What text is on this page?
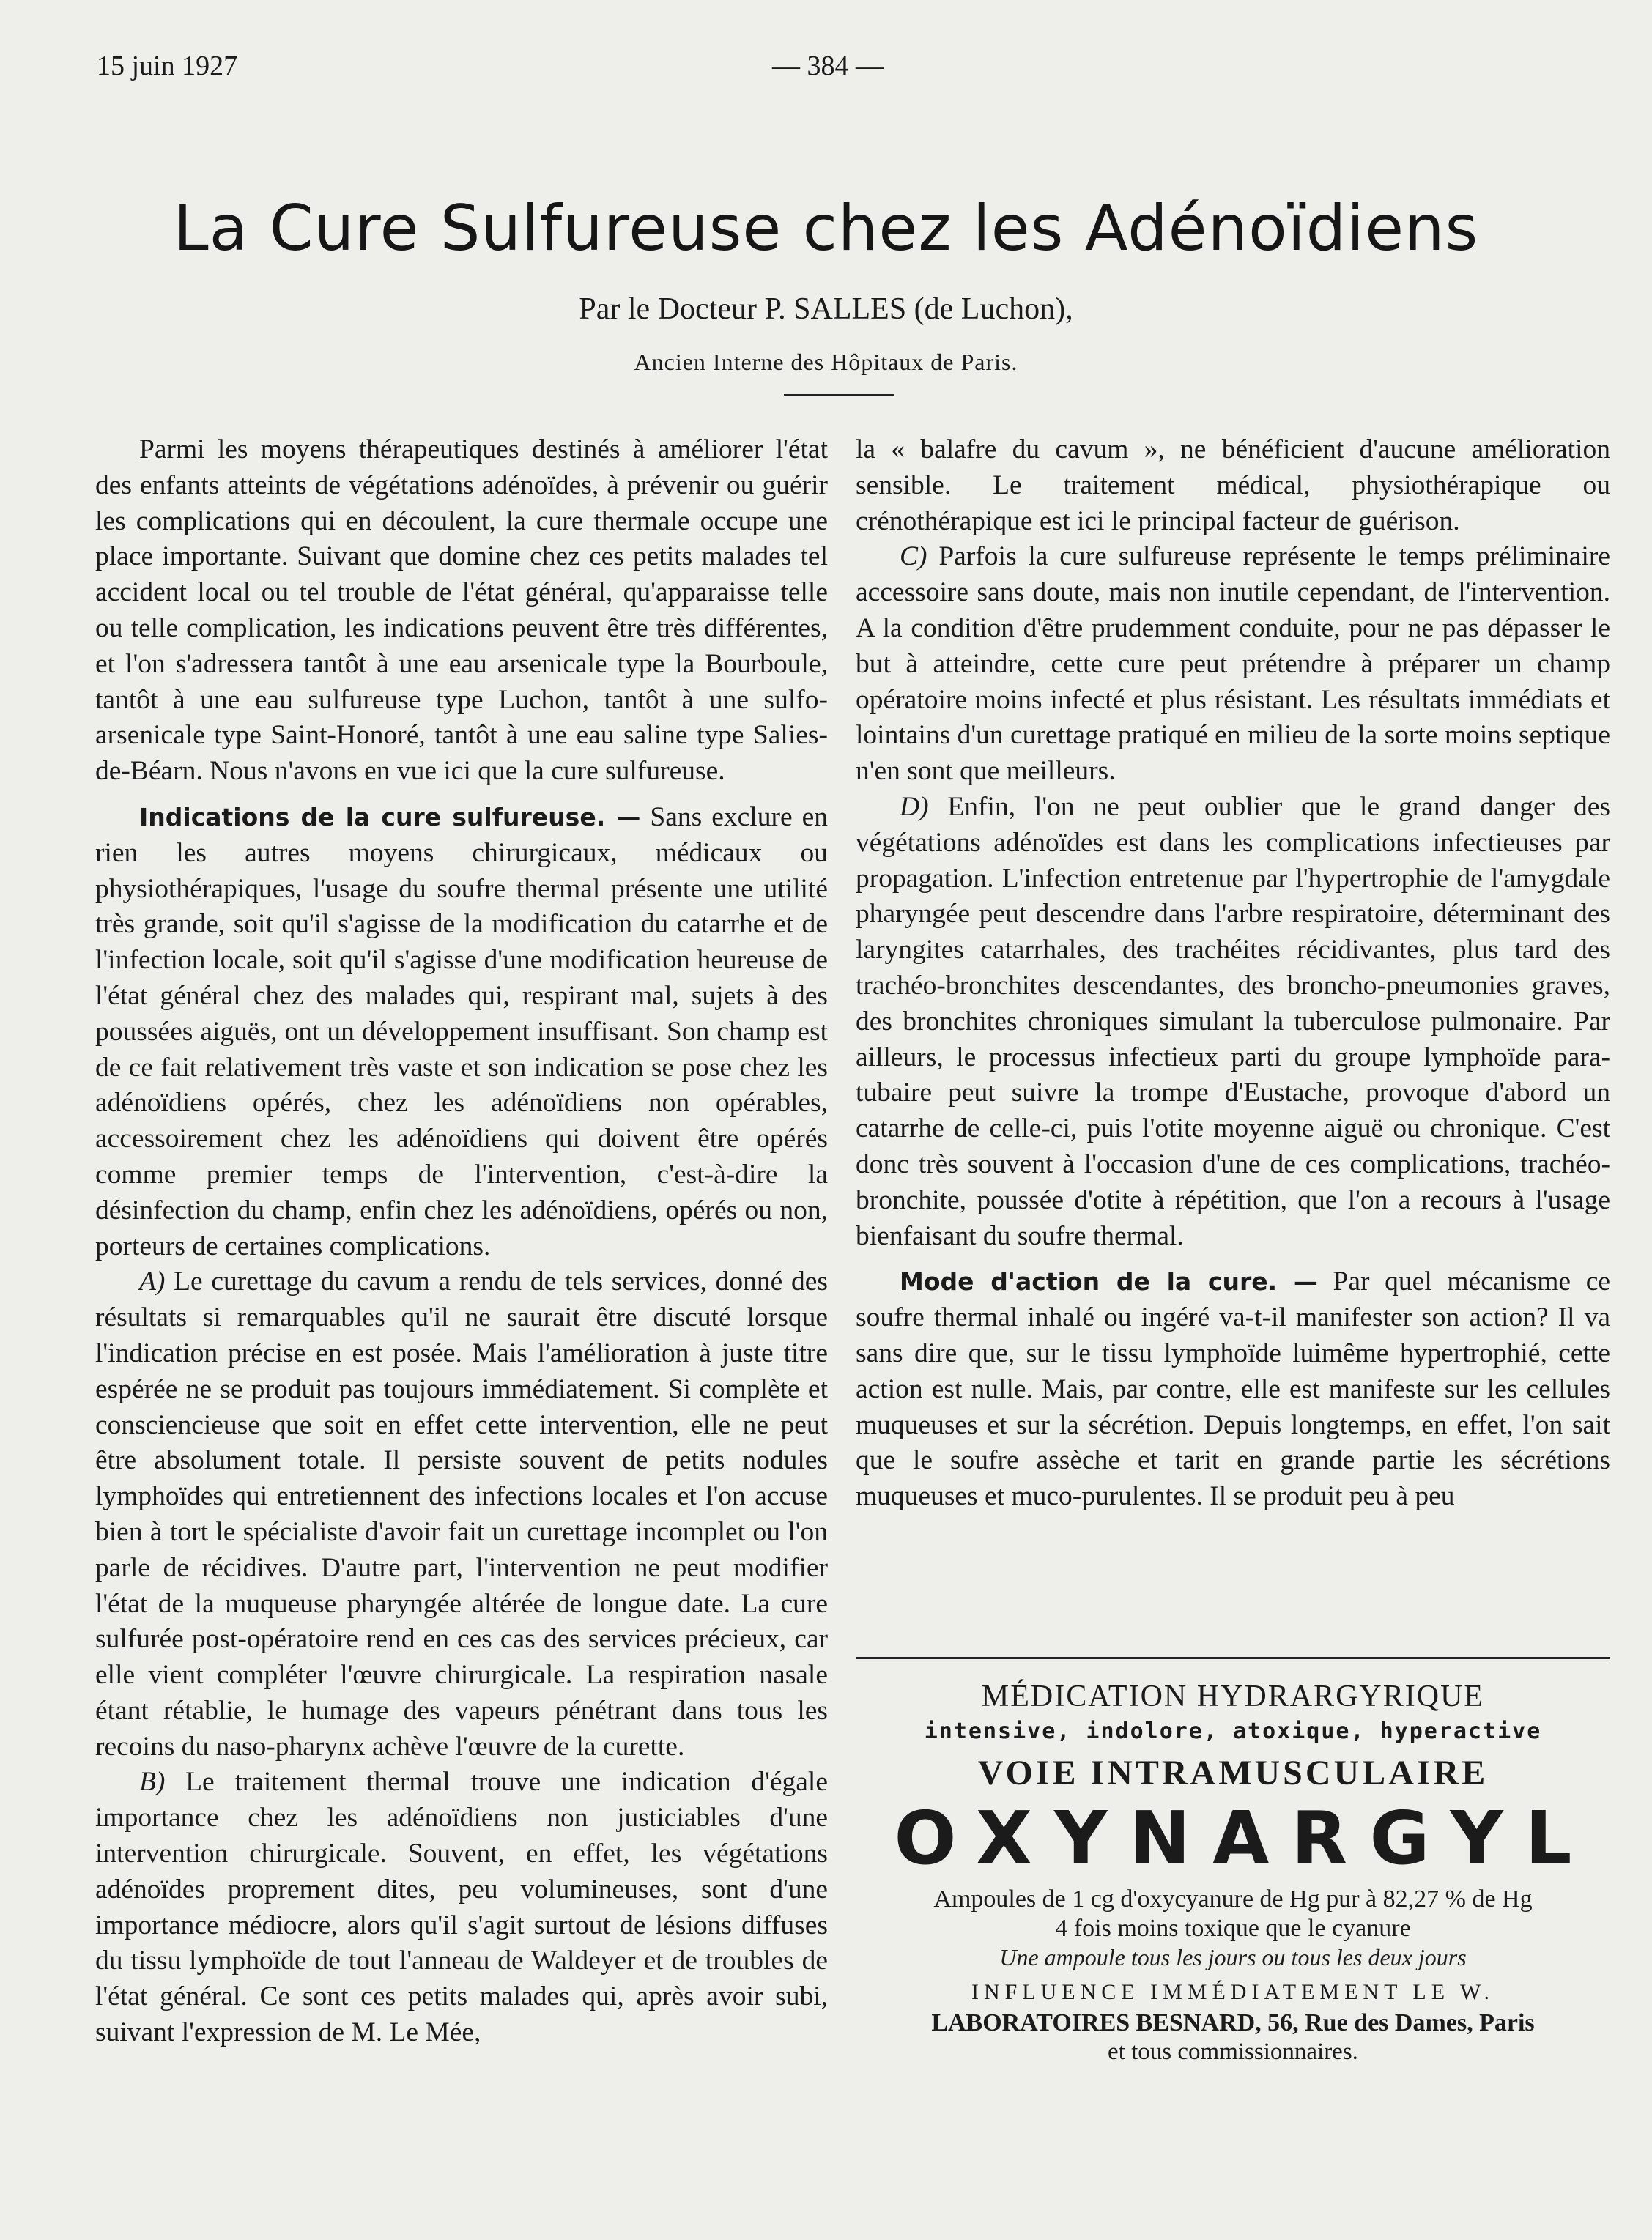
15 juin 1927	— 384 —
La Cure Sulfureuse chez les Adénoïdiens
Par le Docteur P. SALLES (de Luchon),
Ancien Interne des Hôpitaux de Paris.

Parmi les moyens thérapeutiques destinés à améliorer l'état des enfants atteints de végétations adénoïdes, à prévenir ou guérir les complications qui en découlent, la cure thermale occupe une place importante. Suivant que domine chez ces petits malades tel accident local ou tel trouble de l'état général, qu'apparaisse telle ou telle complication, les indications peuvent être très différentes, et l'on s'adressera tantôt à une eau arsenicale type la Bourboule, tantôt à une eau sulfureuse type Luchon, tantôt à une sulfo-arsenicale type Saint-Honoré, tantôt à une eau saline type Salies-de-Béarn. Nous n'avons en vue ici que la cure sulfureuse.

Indications de la cure sulfureuse. — Sans exclure en rien les autres moyens chirurgicaux, médicaux ou physiothérapiques, l'usage du soufre thermal présente une utilité très grande, soit qu'il s'agisse de la modification du catarrhe et de l'infection locale, soit qu'il s'agisse d'une modification heureuse de l'état général chez des malades qui, respirant mal, sujets à des poussées aiguës, ont un développement insuffisant. Son champ est de ce fait relativement très vaste et son indication se pose chez les adénoïdiens opérés, chez les adénoïdiens non opérables, accessoirement chez les adénoïdiens qui doivent être opérés comme premier temps de l'intervention, c'est-à-dire la désinfection du champ, enfin chez les adénoïdiens, opérés ou non, porteurs de certaines complications.

A) Le curettage du cavum a rendu de tels services, donné des résultats si remarquables qu'il ne saurait être discuté lorsque l'indication précise en est posée. Mais l'amélioration à juste titre espérée ne se produit pas toujours immédiatement. Si complète et consciencieuse que soit en effet cette intervention, elle ne peut être absolument totale. Il persiste souvent de petits nodules lymphoïdes qui entretiennent des infections locales et l'on accuse bien à tort le spécialiste d'avoir fait un curettage incomplet ou l'on parle de récidives. D'autre part, l'intervention ne peut modifier l'état de la muqueuse pharyngée altérée de longue date. La cure sulfurée post-opératoire rend en ces cas des services précieux, car elle vient compléter l'œuvre chirurgicale. La respiration nasale étant rétablie, le humage des vapeurs pénétrant dans tous les recoins du naso-pharynx achève l'œuvre de la curette.

B) Le traitement thermal trouve une indication d'égale importance chez les adénoïdiens non justiciables d'une intervention chirurgicale. Souvent, en effet, les végétations adénoïdes proprement dites, peu volumineuses, sont d'une importance médiocre, alors qu'il s'agit surtout de lésions diffuses du tissu lymphoïde de tout l'anneau de Waldeyer et de troubles de l'état général. Ce sont ces petits malades qui, après avoir subi, suivant l'expression de M. Le Mée,

la « balafre du cavum », ne bénéficient d'aucune amélioration sensible. Le traitement médical, physiothérapique ou crénothérapique est ici le principal facteur de guérison.

C) Parfois la cure sulfureuse représente le temps préliminaire accessoire sans doute, mais non inutile cependant, de l'intervention. A la condition d'être prudemment conduite, pour ne pas dépasser le but à atteindre, cette cure peut prétendre à préparer un champ opératoire moins infecté et plus résistant. Les résultats immédiats et lointains d'un curettage pratiqué en milieu de la sorte moins septique n'en sont que meilleurs.

D) Enfin, l'on ne peut oublier que le grand danger des végétations adénoïdes est dans les complications infectieuses par propagation. L'infection entretenue par l'hypertrophie de l'amygdale pharyngée peut descendre dans l'arbre respiratoire, déterminant des laryngites catarrhales, des trachéites récidivantes, plus tard des trachéo-bronchites descendantes, des broncho-pneumonies graves, des bronchites chroniques simulant la tuberculose pulmonaire. Par ailleurs, le processus infectieux parti du groupe lymphoïde para-tubaire peut suivre la trompe d'Eustache, provoque d'abord un catarrhe de celle-ci, puis l'otite moyenne aiguë ou chronique. C'est donc très souvent à l'occasion d'une de ces complications, trachéo-bronchite, poussée d'otite à répétition, que l'on a recours à l'usage bienfaisant du soufre thermal.

Mode d'action de la cure. — Par quel mécanisme ce soufre thermal inhalé ou ingéré va-t-il manifester son action? Il va sans dire que, sur le tissu lymphoïde luimême hypertrophié, cette action est nulle. Mais, par contre, elle est manifeste sur les cellules muqueuses et sur la sécrétion. Depuis longtemps, en effet, l'on sait que le soufre assèche et tarit en grande partie les sécrétions muqueuses et muco-purulentes. Il se produit peu à peu

MÉDICATION HYDRARGYRIQUE
intensive, indolore, atoxique, hyperactive
VOIE INTRAMUSCULAIRE
OXYNARGYL
Ampoules de 1 cg d'oxycyanure de Hg pur à 82,27 % de Hg
4 fois moins toxique que le cyanure
Une ampoule tous les jours ou tous les deux jours
INFLUENCE IMMÉDIATEMENT LE W.
LABORATOIRES BESNARD, 56, Rue des Dames, Paris
et tous commissionnaires.
